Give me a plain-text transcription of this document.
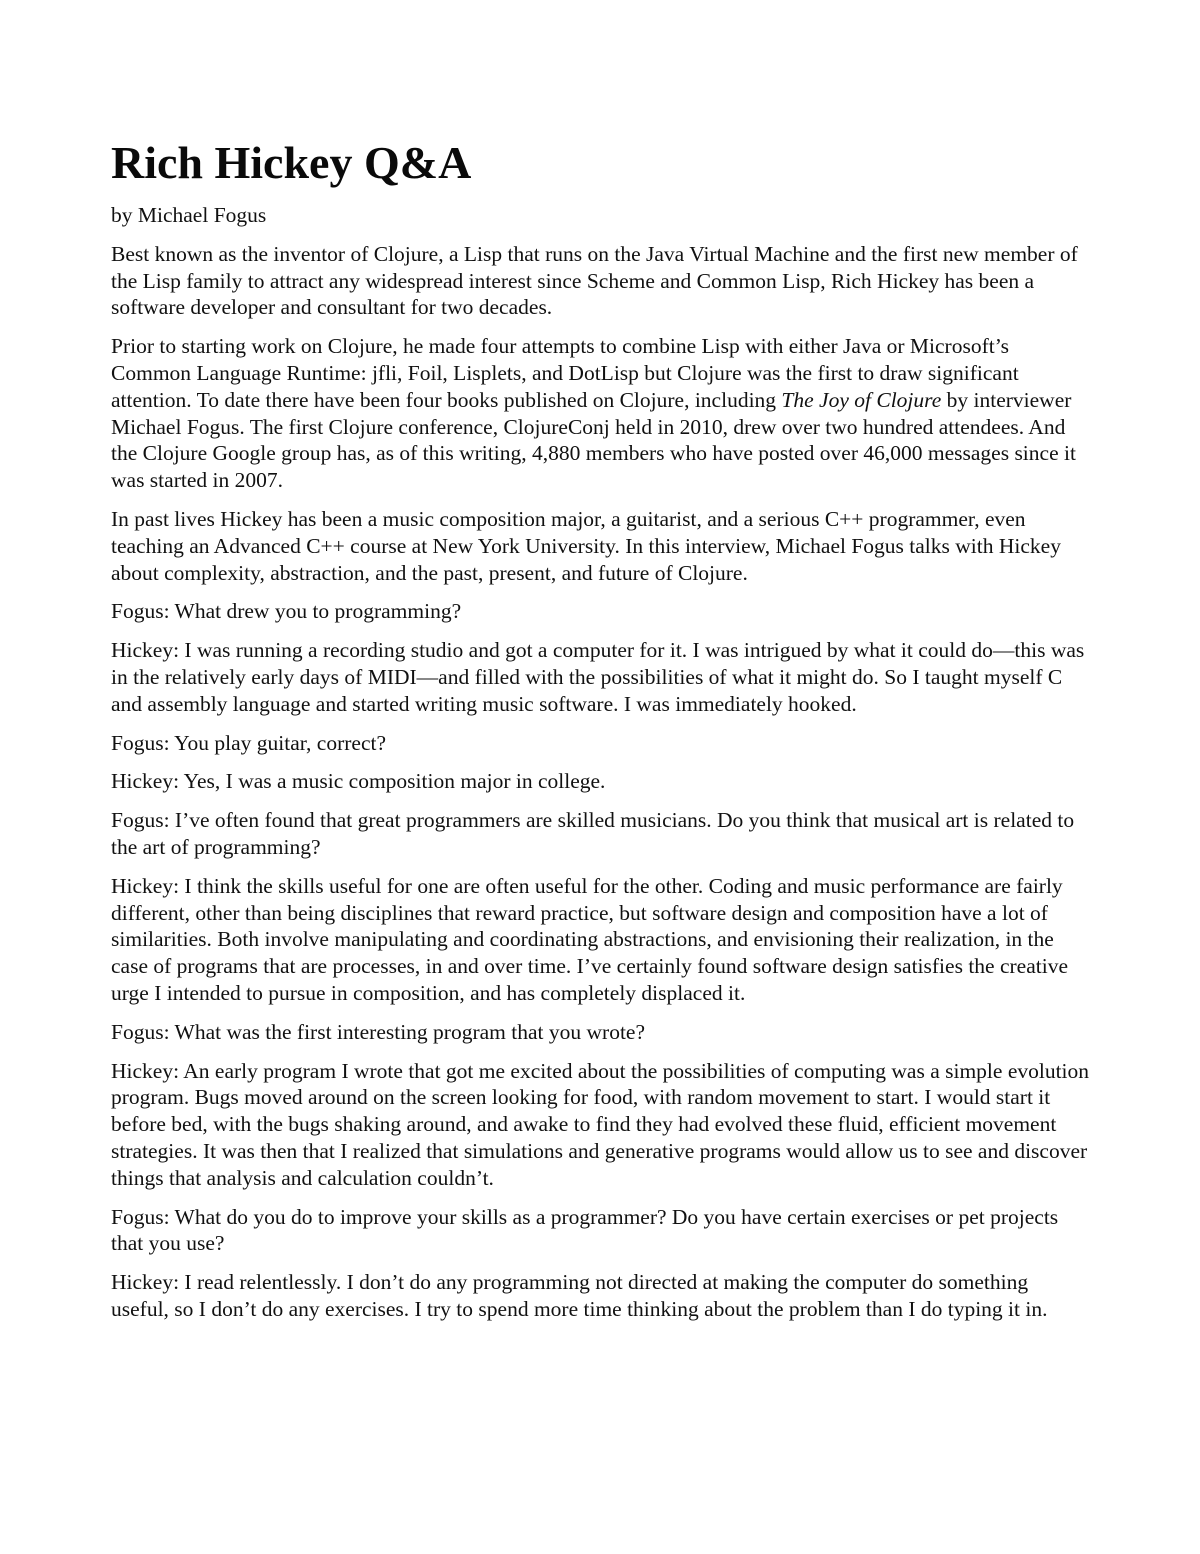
Rich Hickey Q&A

by Michael Fogus

Best known as the inventor of Clojure, a Lisp that runs on the Java Virtual Machine and the first new member of the Lisp family to attract any widespread interest since Scheme and Common Lisp, Rich Hickey has been a software developer and consultant for two decades.

Prior to starting work on Clojure, he made four attempts to combine Lisp with either Java or Microsoft’s Common Language Runtime: jfli, Foil, Lisplets, and DotLisp but Clojure was the first to draw significant attention. To date there have been four books published on Clojure, including The Joy of Clojure by interviewer Michael Fogus. The first Clojure conference, ClojureConj held in 2010, drew over two hundred attendees. And the Clojure Google group has, as of this writing, 4,880 members who have posted over 46,000 messages since it was started in 2007.

In past lives Hickey has been a music composition major, a guitarist, and a serious C++ programmer, even teaching an Advanced C++ course at New York University. In this interview, Michael Fogus talks with Hickey about complexity, abstraction, and the past, present, and future of Clojure.

Fogus: What drew you to programming?

Hickey: I was running a recording studio and got a computer for it. I was intrigued by what it could do—this was in the relatively early days of MIDI—and filled with the possibilities of what it might do. So I taught myself C and assembly language and started writing music software. I was immediately hooked.

Fogus: You play guitar, correct?

Hickey: Yes, I was a music composition major in college.

Fogus: I’ve often found that great programmers are skilled musicians. Do you think that musical art is related to the art of programming?

Hickey: I think the skills useful for one are often useful for the other. Coding and music performance are fairly different, other than being disciplines that reward practice, but software design and composition have a lot of similarities. Both involve manipulating and coordinating abstractions, and envisioning their realization, in the case of programs that are processes, in and over time. I’ve certainly found software design satisfies the creative urge I intended to pursue in composition, and has completely displaced it.

Fogus: What was the first interesting program that you wrote?

Hickey: An early program I wrote that got me excited about the possibilities of computing was a simple evolution program. Bugs moved around on the screen looking for food, with random movement to start. I would start it before bed, with the bugs shaking around, and awake to find they had evolved these fluid, efficient movement strategies. It was then that I realized that simulations and generative programs would allow us to see and discover things that analysis and calculation couldn’t.

Fogus: What do you do to improve your skills as a programmer? Do you have certain exercises or pet projects that you use?

Hickey: I read relentlessly. I don’t do any programming not directed at making the computer do something useful, so I don’t do any exercises. I try to spend more time thinking about the problem than I do typing it in.
